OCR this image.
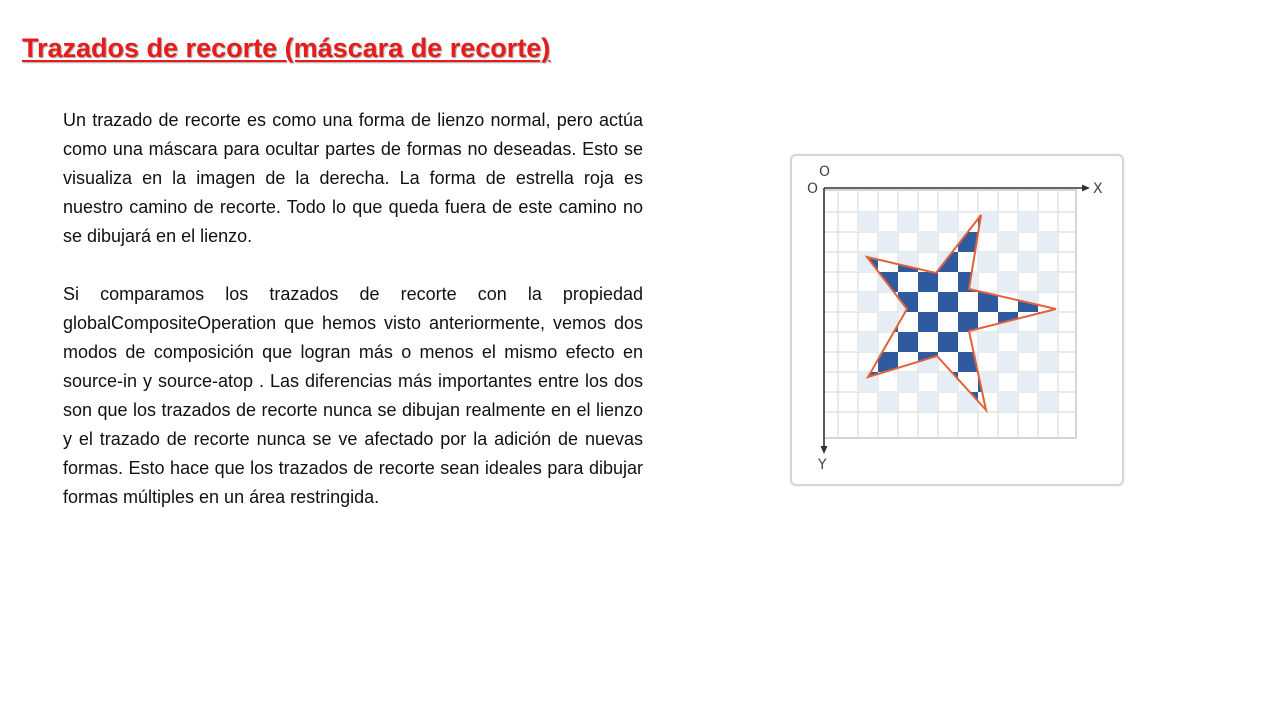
Trazados de recorte (máscara de recorte)

Un trazado de recorte es como una forma de lienzo normal, pero actúa como una máscara para ocultar partes de formas no deseadas. Esto se visualiza en la imagen de la derecha. La forma de estrella roja es nuestro camino de recorte. Todo lo que queda fuera de este camino no se dibujará en el lienzo.

Si comparamos los trazados de recorte con la propiedad globalCompositeOperation que hemos visto anteriormente, vemos dos modos de composición que logran más o menos el mismo efecto en source-in y source-atop . Las diferencias más importantes entre los dos son que los trazados de recorte nunca se dibujan realmente en el lienzo y el trazado de recorte nunca se ve afectado por la adición de nuevas formas. Esto hace que los trazados de recorte sean ideales para dibujar formas múltiples en un área restringida.

O
O
X
Y
